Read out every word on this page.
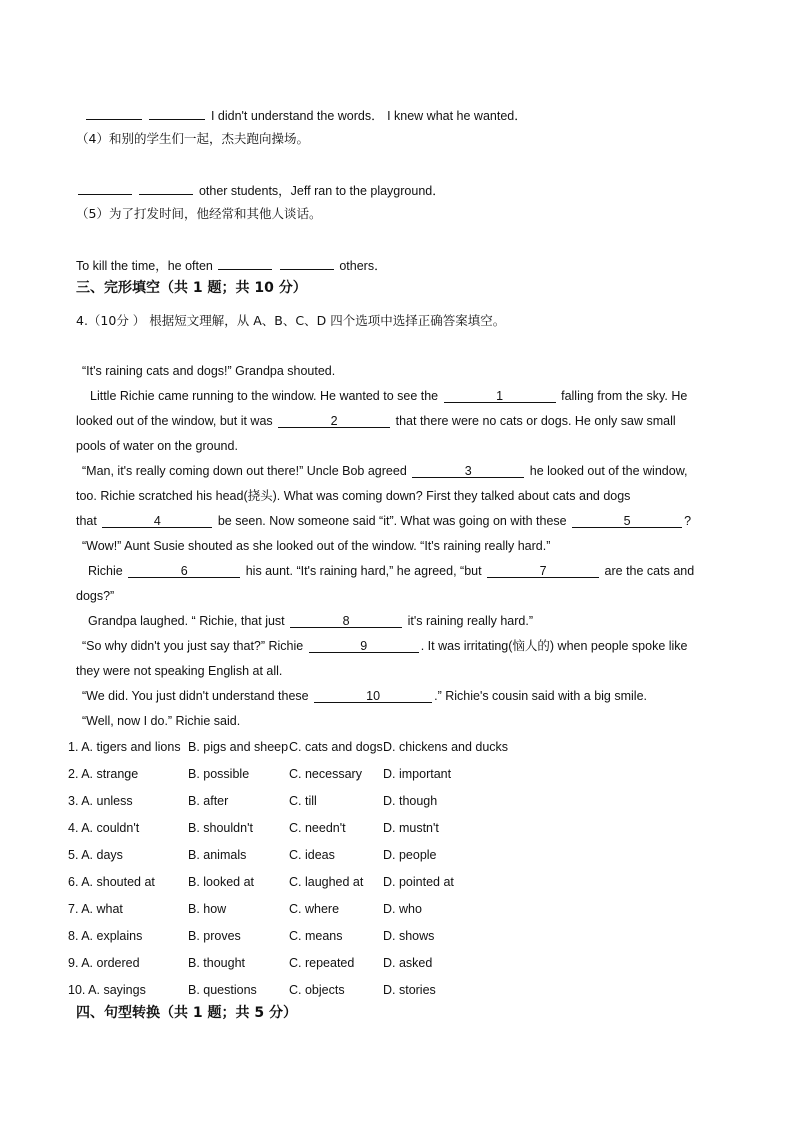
I didn't understand the words． I knew what he wanted．
（4）和别的学生们一起，杰夫跑向操场。
other students，Jeff ran to the playground．
（5）为了打发时间，他经常和其他人谈话。
To kill the time，he often	others．
三、完形填空（共 1 题；共 10 分）
4.（10分 ） 根据短文理解，从 A、B、C、D 四个选项中选择正确答案填空。
“It's raining cats and dogs!” Grandpa shouted.
Little Richie came running to the window. He wanted to see the	1	falling from the sky. He
looked out of the window, but it was	2	that there were no cats or dogs. He only saw small
pools of water on the ground.
“Man, it's really coming down out there!” Uncle Bob agreed	3	he looked out of the window,
too. Richie scratched his head(挠头). What was coming down? First they talked about cats and dogs
that	4	be seen. Now someone said “it”. What was going on with these	5	?
“Wow!” Aunt Susie shouted as she looked out of the window. “It's raining really hard.”
Richie	6	his aunt. “It's raining hard,” he agreed, “but	7	are the cats and
dogs?”
Grandpa laughed. “ Richie, that just	8	it's raining really hard.”
“So why didn't you just say that?” Richie	9	. It was irritating(恼人的) when people spoke like
they were not speaking English at all.
“We did. You just didn't understand these	10	.” Richie's cousin said with a big smile.
“Well, now I do.” Richie said.
1. A. tigers and lions B. pigs and sheep C. cats and dogs D. chickens and ducks
2. A. strange	B. possible	C. necessary D. important
3. A. unless	B. after	C. till	D. though
4. A. couldn't	B. shouldn't	C. needn't	D. mustn't
5. A. days	B. animals	C. ideas	D. people
6. A. shouted at	B. looked at	C. laughed at D. pointed at
7. A. what	B. how	C. where	D. who
8. A. explains	B. proves	C. means	D. shows
9. A. ordered	B. thought	C. repeated D. asked
10. A. sayings	B. questions	C. objects	D. stories
四、句型转换（共 1 题；共 5 分）
